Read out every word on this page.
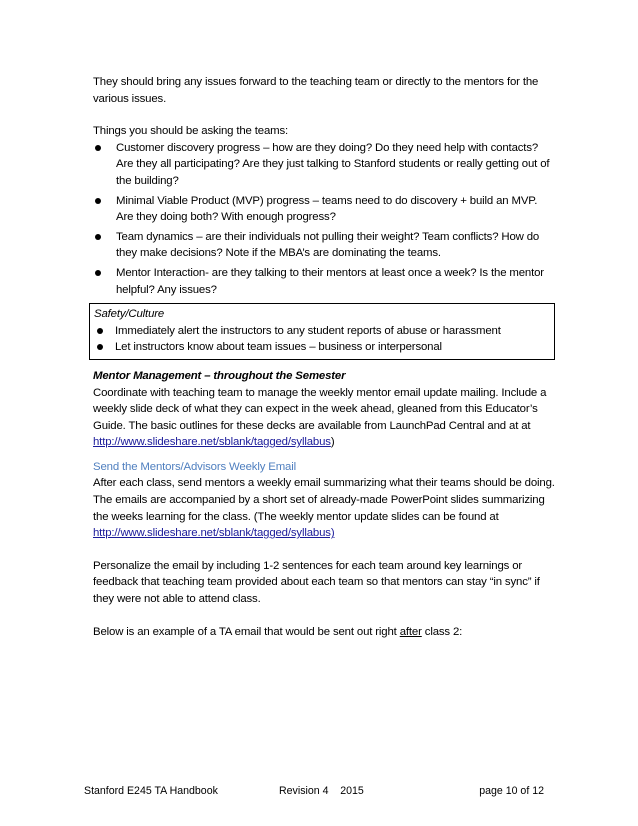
They should bring any issues forward to the teaching team or directly to the mentors for the various issues.

Things you should be asking the teams:

Customer discovery progress – how are they doing? Do they need help with contacts? Are they all participating? Are they just talking to Stanford students or really getting out of the building?
Minimal Viable Product (MVP) progress – teams need to do discovery + build an MVP. Are they doing both? With enough progress?
Team dynamics – are their individuals not pulling their weight? Team conflicts? How do they make decisions? Note if the MBA’s are dominating the teams.
Mentor Interaction- are they talking to their mentors at least once a week? Is the mentor helpful? Any issues?

Safety/Culture

Immediately alert the instructors to any student reports of abuse or harassment
Let instructors know about team issues – business or interpersonal

Mentor Management – throughout the Semester

Coordinate with teaching team to manage the weekly mentor email update mailing. Include a weekly slide deck of what they can expect in the week ahead, gleaned from this Educator’s Guide. The basic outlines for these decks are available from LaunchPad Central and at at http://www.slideshare.net/sblank/tagged/syllabus)

Send the Mentors/Advisors Weekly Email

After each class, send mentors a weekly email summarizing what their teams should be doing. The emails are accompanied by a short set of already-made PowerPoint slides summarizing the weeks learning for the class. (The weekly mentor update slides can be found at http://www.slideshare.net/sblank/tagged/syllabus)

Personalize the email by including 1-2 sentences for each team around key learnings or feedback that teaching team provided about each team so that mentors can stay “in sync” if they were not able to attend class.

Below is an example of a TA email that would be sent out right after class 2:

Stanford E245 TA Handbook	Revision 4    2015	page 10 of 12
